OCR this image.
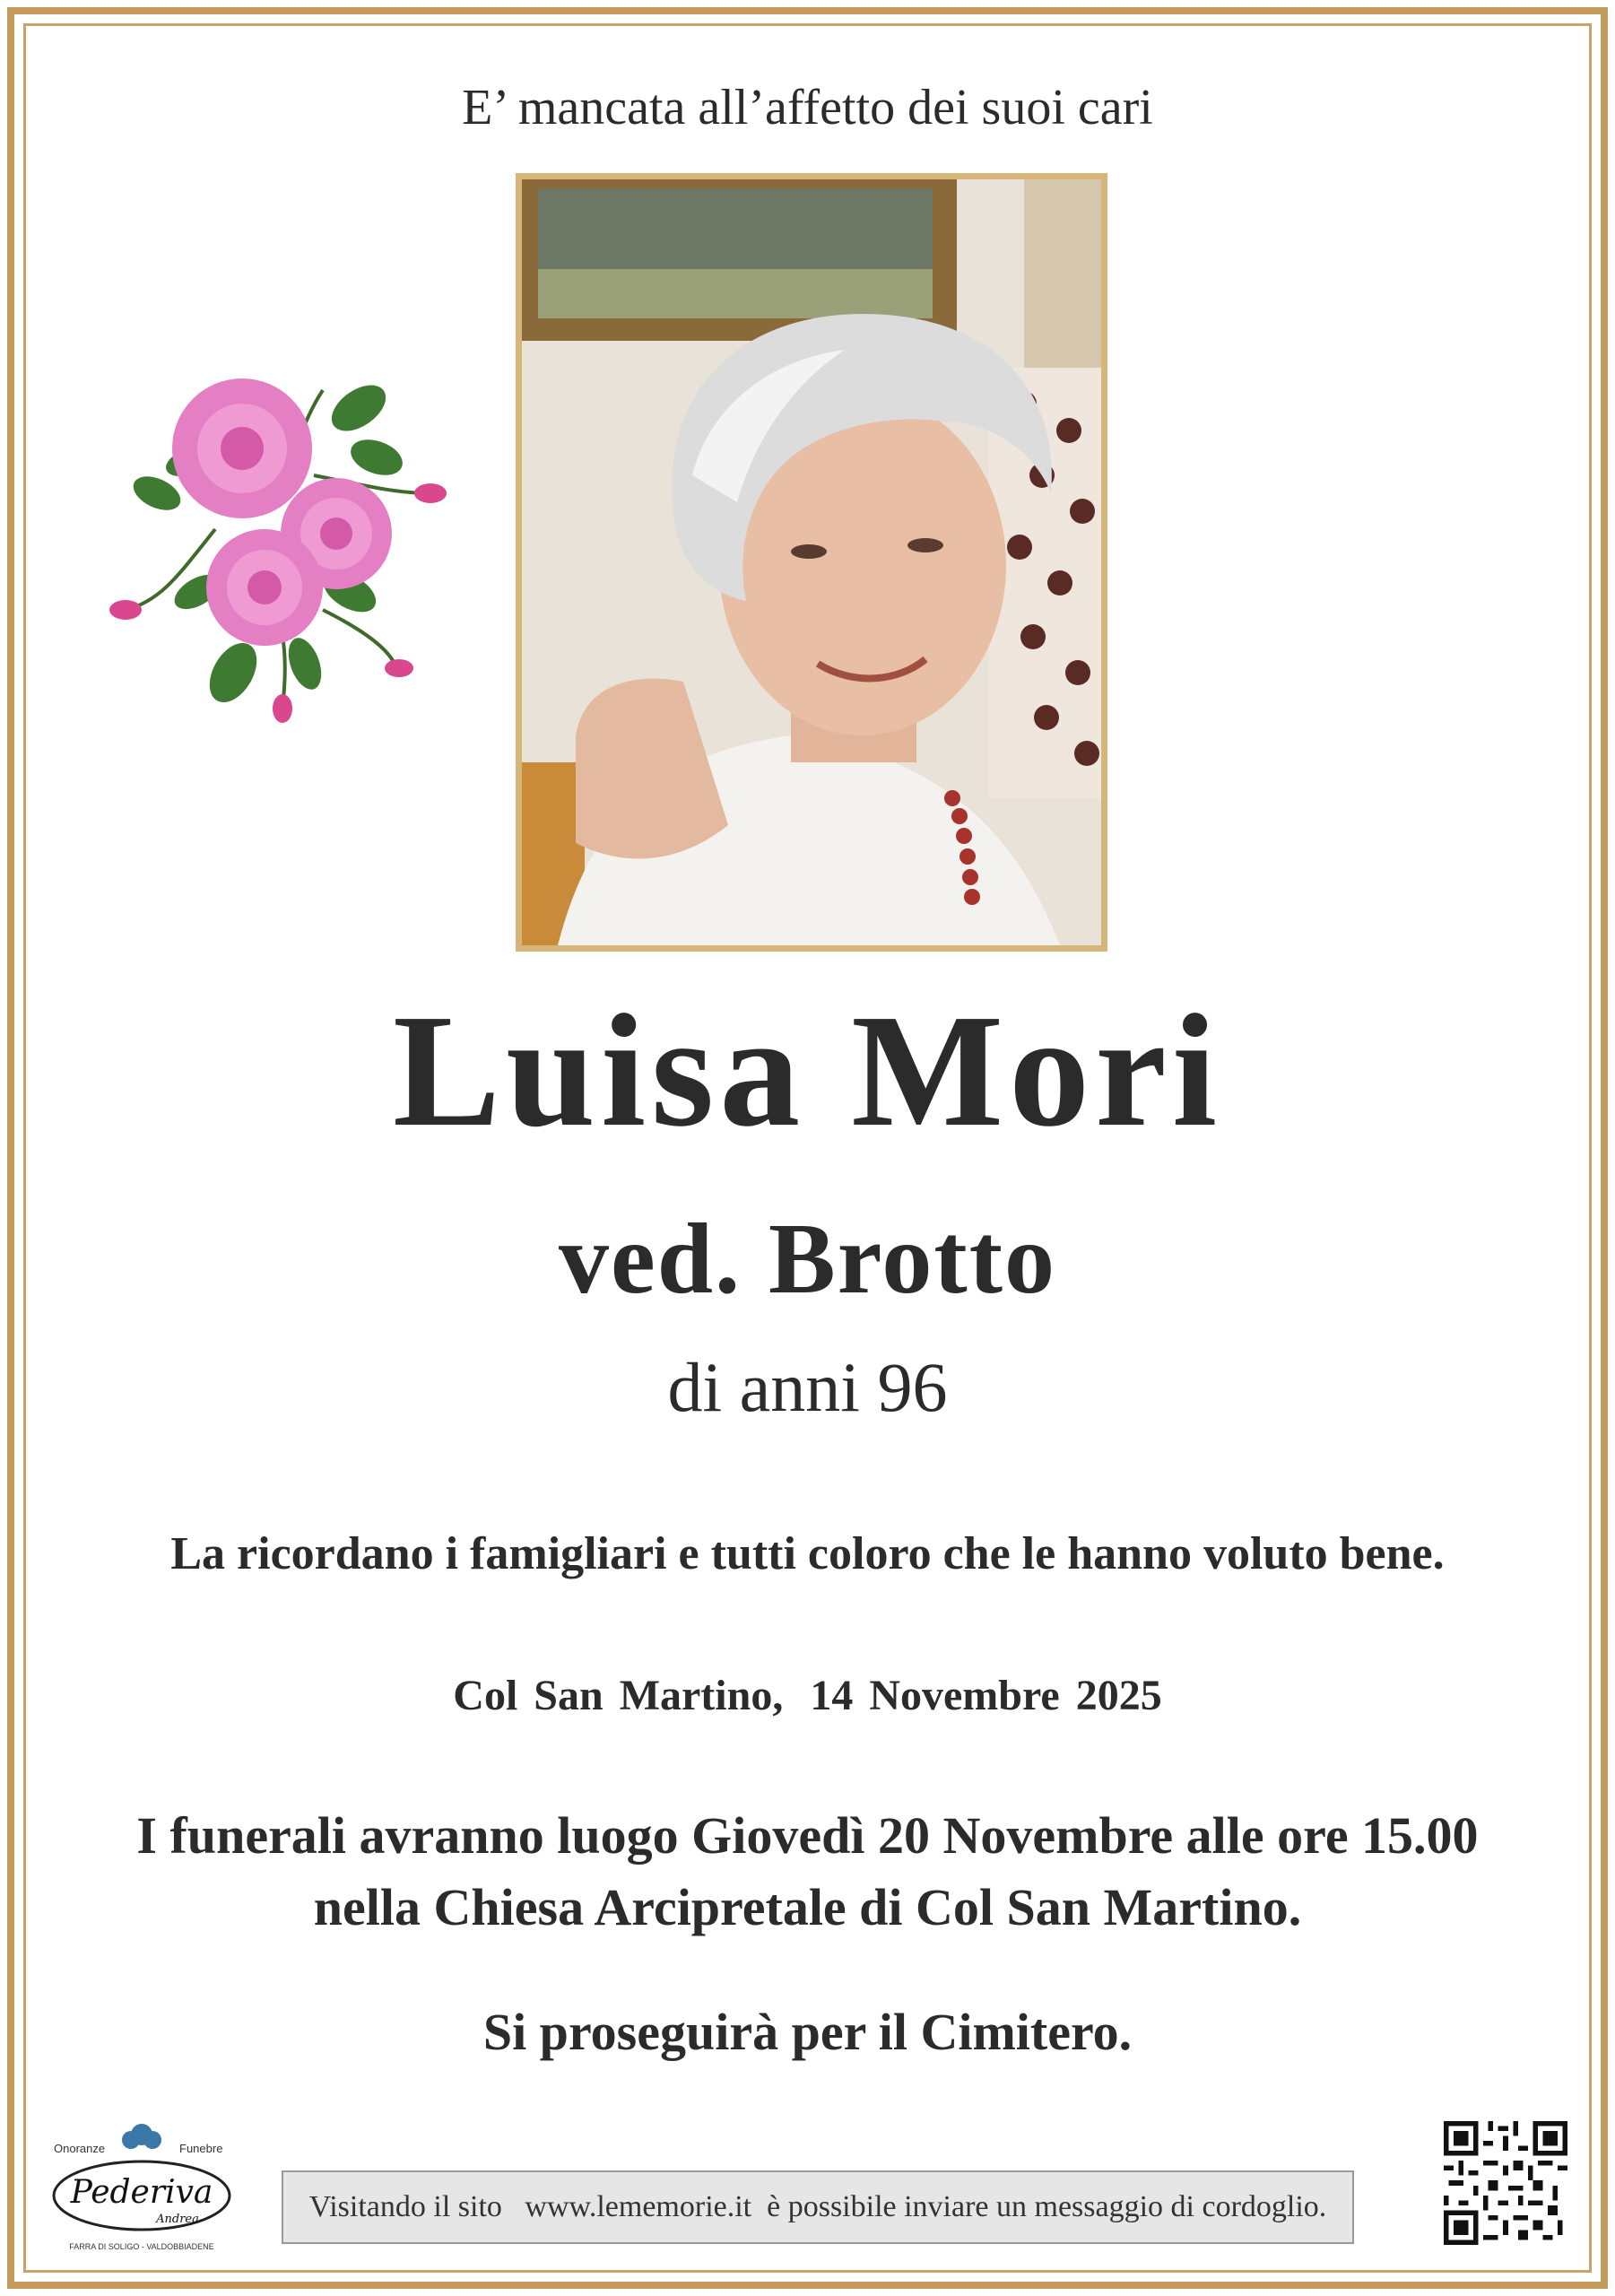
E’ mancata all’affetto dei suoi cari
Luisa Mori
ved. Brotto
di anni 96
La ricordano i famigliari e tutti coloro che le hanno voluto bene.
Col San Martino, 14 Novembre 2025
I funerali avranno luogo Giovedì 20 Novembre alle ore 15.00
nella Chiesa Arcipretale di Col San Martino.
Si proseguirà per il Cimitero.
Onoranze	Funebre
Pederiva
Andrea
FARRA DI SOLIGO - VALDOBBIADENE
Visitando il sito   www.lememorie.it  è possibile inviare un messaggio di cordoglio.
